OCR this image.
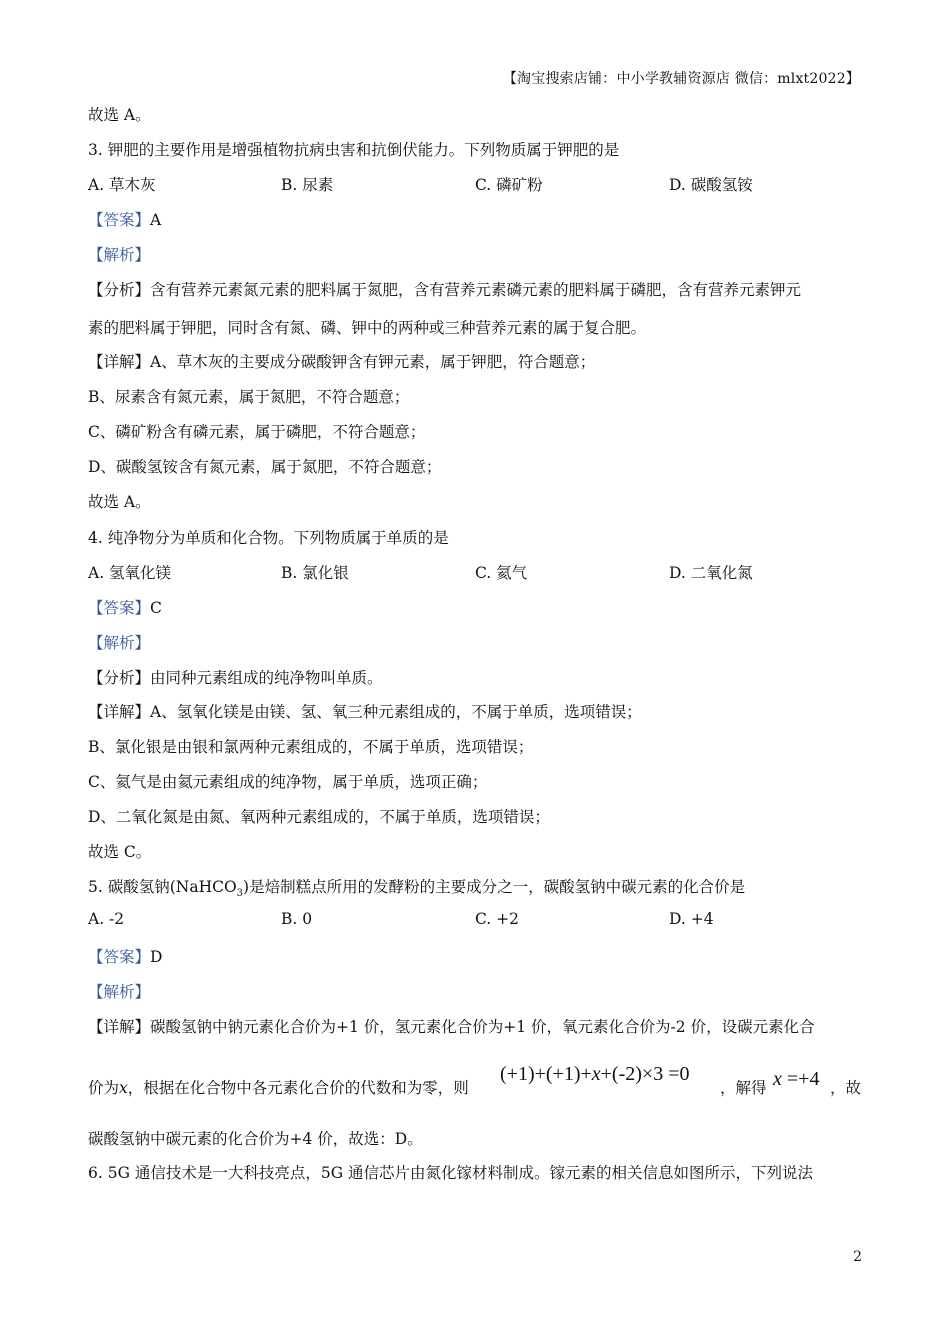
【淘宝搜索店铺：中小学教辅资源店 微信：mlxt2022】
故选 A。
3. 钾肥的主要作用是增强植物抗病虫害和抗倒伏能力。下列物质属于钾肥的是
A. 草木灰	B. 尿素	C. 磷矿粉	D. 碳酸氢铵
【答案】A
【解析】
【分析】含有营养元素氮元素的肥料属于氮肥，含有营养元素磷元素的肥料属于磷肥，含有营养元素钾元
素的肥料属于钾肥，同时含有氮、磷、钾中的两种或三种营养元素的属于复合肥。
【详解】A、草木灰的主要成分碳酸钾含有钾元素，属于钾肥，符合题意；
B、尿素含有氮元素，属于氮肥，不符合题意；
C、磷矿粉含有磷元素，属于磷肥，不符合题意；
D、碳酸氢铵含有氮元素，属于氮肥，不符合题意；
故选 A。
4. 纯净物分为单质和化合物。下列物质属于单质的是
A. 氢氧化镁	B. 氯化银	C. 氦气	D. 二氧化氮
【答案】C
【解析】
【分析】由同种元素组成的纯净物叫单质。
【详解】A、氢氧化镁是由镁、氢、氧三种元素组成的，不属于单质，选项错误；
B、氯化银是由银和氯两种元素组成的，不属于单质，选项错误；
C、氦气是由氦元素组成的纯净物，属于单质，选项正确；
D、二氧化氮是由氮、氧两种元素组成的，不属于单质，选项错误；
故选 C。
5. 碳酸氢钠(NaHCO$_3$)是焙制糕点所用的发酵粉的主要成分之一，碳酸氢钠中碳元素的化合价是
A. -2	B. 0	C. +2	D. +4
【答案】D
【解析】
【详解】碳酸氢钠中钠元素化合价为+1 价，氢元素化合价为+1 价，氧元素化合价为-2 价，设碳元素化合
价为x，根据在化合物中各元素化合价的代数和为零，则
(+1)+(+1)+x+(-2)×3 =0
，解得 x =+4 ，故
碳酸氢钠中碳元素的化合价为+4 价，故选：D。
6. 5G 通信技术是一大科技亮点，5G 通信芯片由氮化镓材料制成。镓元素的相关信息如图所示，下列说法
2
